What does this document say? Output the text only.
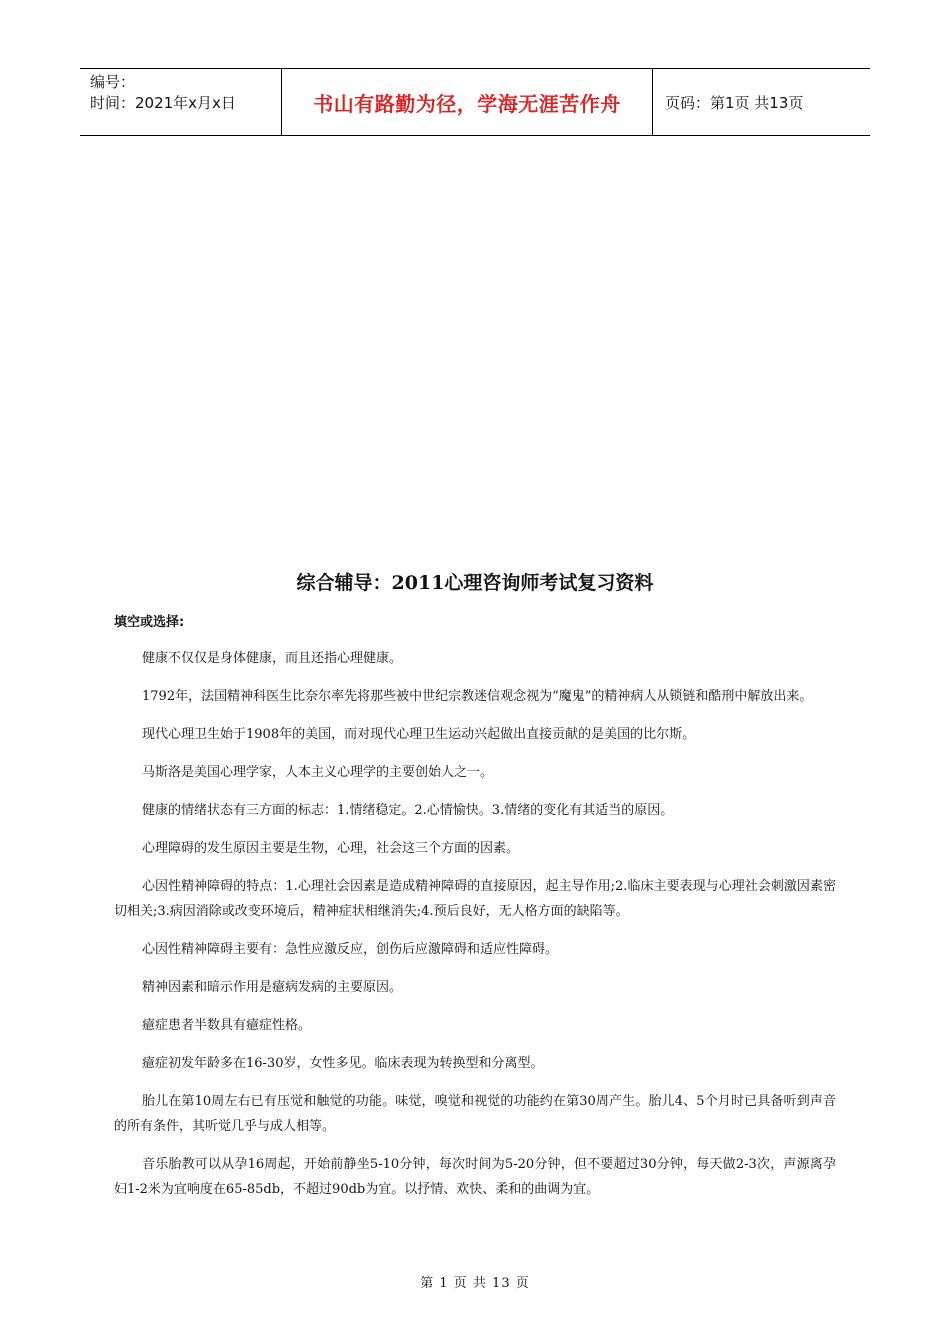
编号：
时间：2021年x月x日	书山有路勤为径，学海无涯苦作舟	页码：第1页 共13页
综合辅导：2011心理咨询师考试复习资料
填空或选择:

健康不仅仅是身体健康，而且还指心理健康。

1792年，法国精神科医生比奈尔率先将那些被中世纪宗教迷信观念视为“魔鬼”的精神病人从锁链和酷刑中解放出来。

现代心理卫生始于1908年的美国，而对现代心理卫生运动兴起做出直接贡献的是美国的比尔斯。

马斯洛是美国心理学家，人本主义心理学的主要创始人之一。

健康的情绪状态有三方面的标志：1.情绪稳定。2.心情愉快。3.情绪的变化有其适当的原因。

心理障碍的发生原因主要是生物，心理，社会这三个方面的因素。

心因性精神障碍的特点：1.心理社会因素是造成精神障碍的直接原因，起主导作用;2.临床主要表现与心理社会刺激因素密切相关;3.病因消除或改变环境后，精神症状相继消失;4.预后良好，无人格方面的缺陷等。

心因性精神障碍主要有：急性应激反应，创伤后应激障碍和适应性障碍。

精神因素和暗示作用是癔病发病的主要原因。

癔症患者半数具有癔症性格。

癔症初发年龄多在16-30岁，女性多见。临床表现为转换型和分离型。

胎儿在第10周左右已有压觉和触觉的功能。味觉，嗅觉和视觉的功能约在第30周产生。胎儿4、5个月时已具备听到声音的所有条件，其听觉几乎与成人相等。

音乐胎教可以从孕16周起，开始前静坐5-10分钟，每次时间为5-20分钟，但不要超过30分钟，每天做2-3次，声源离孕妇1-2米为宜响度在65-85db，不超过90db为宜。以抒情、欢快、柔和的曲调为宜。

第 1 页 共 13 页
